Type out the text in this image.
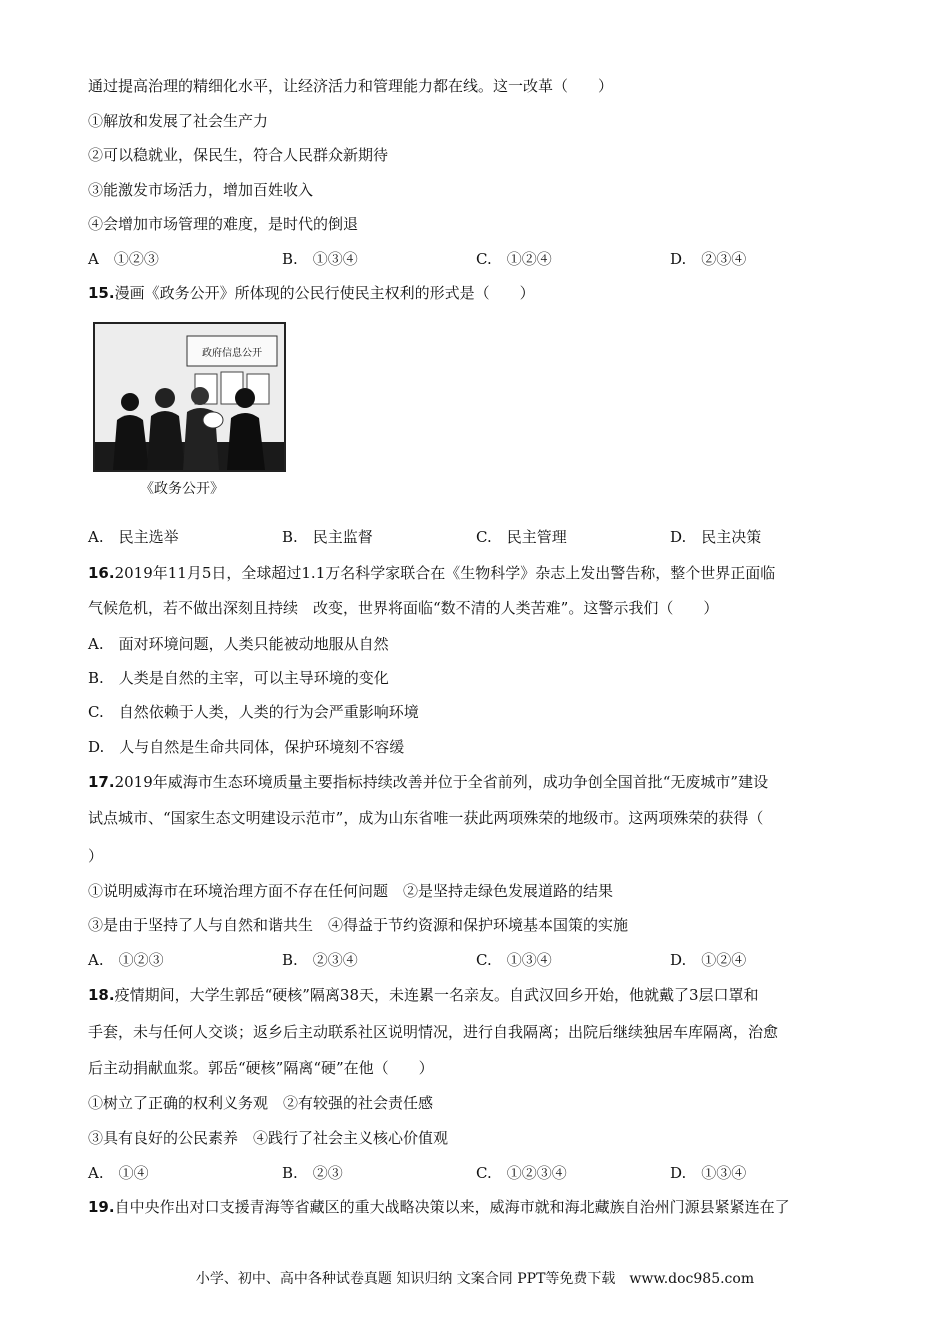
通过提高治理的精细化水平，让经济活力和管理能力都在线。这一改革（　　）
①解放和发展了社会生产力
②可以稳就业，保民生，符合人民群众新期待
③能激发市场活力，增加百姓收入
④会增加市场管理的难度，是时代的倒退
A　①②③	B.　①③④	C.　①②④	D.　②③④
15.漫画《政务公开》所体现的公民行使民主权利的形式是（　　）
政府信息公开
《政务公开》
A.　民主选举	B.　民主监督	C.　民主管理	D.　民主决策
16.2019年11月5日，全球超过1.1万名科学家联合在《生物科学》杂志上发出警告称，整个世界正面临
气候危机，若不做出深刻且持续　改变，世界将面临“数不清的人类苦难”。这警示我们（　　）
A.　面对环境问题，人类只能被动地服从自然
B.　人类是自然的主宰，可以主导环境的变化
C.　自然依赖于人类，人类的行为会严重影响环境
D.　人与自然是生命共同体，保护环境刻不容缓
17.2019年威海市生态环境质量主要指标持续改善并位于全省前列，成功争创全国首批“无废城市”建设
试点城市、“国家生态文明建设示范市”，成为山东省唯一获此两项殊荣的地级市。这两项殊荣的获得（
）
①说明威海市在环境治理方面不存在任何问题　②是坚持走绿色发展道路的结果
③是由于坚持了人与自然和谐共生　④得益于节约资源和保护环境基本国策的实施
A.　①②③	B.　②③④	C.　①③④	D.　①②④
18.疫情期间，大学生郭岳“硬核”隔离38天，未连累一名亲友。自武汉回乡开始，他就戴了3层口罩和
手套，未与任何人交谈；返乡后主动联系社区说明情况，进行自我隔离；出院后继续独居车库隔离，治愈
后主动捐献血浆。郭岳“硬核”隔离“硬”在他（　　）
①树立了正确的权利义务观　②有较强的社会责任感
③具有良好的公民素养　④践行了社会主义核心价值观
A.　①④	B.　②③	C.　①②③④	D.　①③④
19.自中央作出对口支援青海等省藏区的重大战略决策以来，威海市就和海北藏族自治州门源县紧紧连在了
小学、初中、高中各种试卷真题 知识归纳 文案合同 PPT等免费下载　www.doc985.com
